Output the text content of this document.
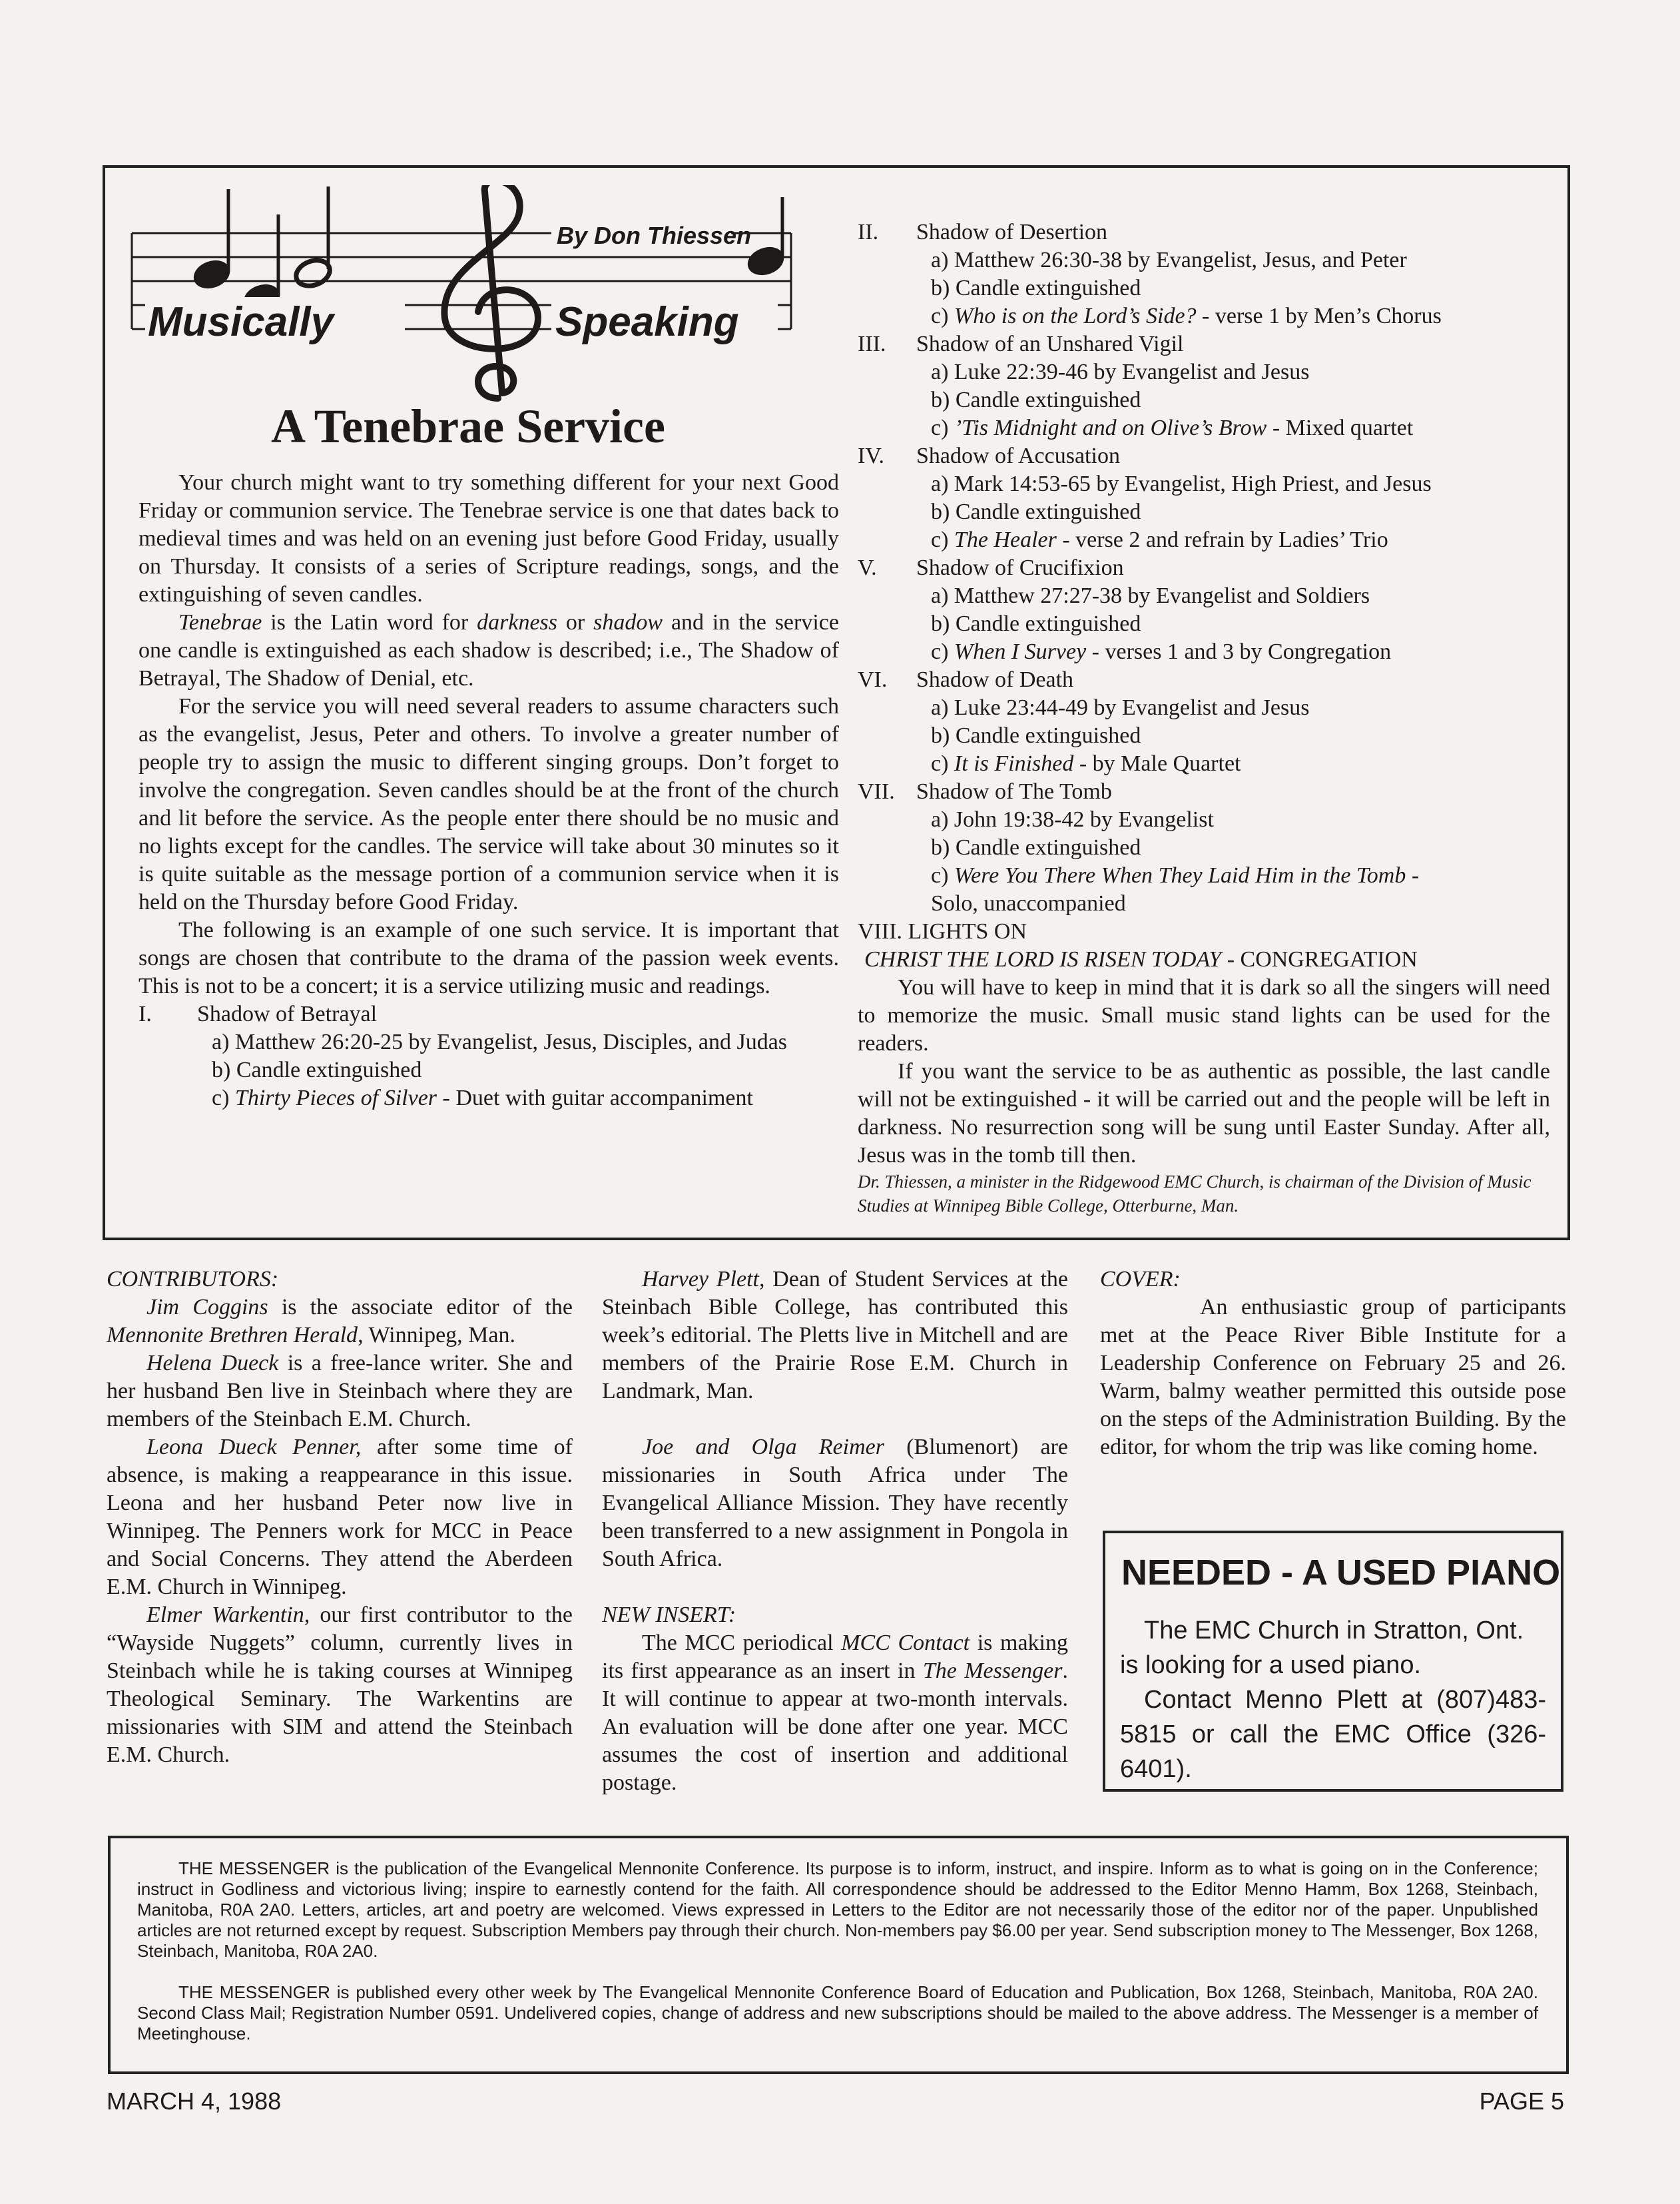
By Don Thiessen
Musically	Speaking
A Tenebrae Service

Your church might want to try something different for your next Good Friday or communion service. The Tenebrae service is one that dates back to medieval times and was held on an evening just before Good Friday, usually on Thursday. It consists of a series of Scripture readings, songs, and the extinguishing of seven candles.

Tenebrae is the Latin word for darkness or shadow and in the service one candle is extinguished as each shadow is described; i.e., The Shadow of Betrayal, The Shadow of Denial, etc.

For the service you will need several readers to assume characters such as the evangelist, Jesus, Peter and others. To involve a greater number of people try to assign the music to different singing groups. Don’t forget to involve the congregation. Seven candles should be at the front of the church and lit before the service. As the people enter there should be no music and no lights except for the candles. The service will take about 30 minutes so it is quite suitable as the message portion of a communion service when it is held on the Thursday before Good Friday.

The following is an example of one such service. It is important that songs are chosen that contribute to the drama of the passion week events. This is not to be a concert; it is a service utilizing music and readings.

I.	Shadow of Betrayal
a) Matthew 26:20-25 by Evangelist, Jesus, Disciples, and Judas
b) Candle extinguished
c) Thirty Pieces of Silver - Duet with guitar accompaniment
II.	Shadow of Desertion
a) Matthew 26:30-38 by Evangelist, Jesus, and Peter
b) Candle extinguished
c) Who is on the Lord’s Side? - verse 1 by Men’s Chorus
III.	Shadow of an Unshared Vigil
a) Luke 22:39-46 by Evangelist and Jesus
b) Candle extinguished
c) ’Tis Midnight and on Olive’s Brow - Mixed quartet
IV.	Shadow of Accusation
a) Mark 14:53-65 by Evangelist, High Priest, and Jesus
b) Candle extinguished
c) The Healer - verse 2 and refrain by Ladies’ Trio
V.	Shadow of Crucifixion
a) Matthew 27:27-38 by Evangelist and Soldiers
b) Candle extinguished
c) When I Survey - verses 1 and 3 by Congregation
VI.	Shadow of Death
a) Luke 23:44-49 by Evangelist and Jesus
b) Candle extinguished
c) It is Finished - by Male Quartet
VII. Shadow of The Tomb
a) John 19:38-42 by Evangelist
b) Candle extinguished
c) Were You There When They Laid Him in the Tomb -
Solo, unaccompanied
VIII. LIGHTS ON
CHRIST THE LORD IS RISEN TODAY - CONGREGATION

You will have to keep in mind that it is dark so all the singers will need to memorize the music. Small music stand lights can be used for the readers.

If you want the service to be as authentic as possible, the last candle will not be extinguished - it will be carried out and the people will be left in darkness. No resurrection song will be sung until Easter Sunday. After all, Jesus was in the tomb till then.

Dr. Thiessen, a minister in the Ridgewood EMC Church, is chairman of the Division of Music Studies at Winnipeg Bible College, Otterburne, Man.

CONTRIBUTORS:

Jim Coggins is the associate editor of the Mennonite Brethren Herald, Winnipeg, Man.

Helena Dueck is a free-lance writer. She and her husband Ben live in Steinbach where they are members of the Steinbach E.M. Church.

Leona Dueck Penner, after some time of absence, is making a reappearance in this issue. Leona and her husband Peter now live in Winnipeg. The Penners work for MCC in Peace and Social Concerns. They attend the Aberdeen E.M. Church in Winnipeg.

Elmer Warkentin, our first contributor to the “Wayside Nuggets” column, currently lives in Steinbach while he is taking courses at Winnipeg Theological Seminary. The Warkentins are missionaries with SIM and attend the Steinbach E.M. Church.

Harvey Plett, Dean of Student Services at the Steinbach Bible College, has contributed this week’s editorial. The Pletts live in Mitchell and are members of the Prairie Rose E.M. Church in Landmark, Man.

Joe and Olga Reimer (Blumenort) are missionaries in South Africa under The Evangelical Alliance Mission. They have recently been transferred to a new assignment in Pongola in South Africa.

NEW INSERT:

The MCC periodical MCC Contact is making its first appearance as an insert in The Messenger. It will continue to appear at two-month intervals. An evaluation will be done after one year. MCC assumes the cost of insertion and additional postage.

COVER:

An enthusiastic group of participants met at the Peace River Bible Institute for a Leadership Conference on February 25 and 26. Warm, balmy weather permitted this outside pose on the steps of the Administration Building. By the editor, for whom the trip was like coming home.

NEEDED - A USED PIANO
The EMC Church in Stratton, Ont. is looking for a used piano.
Contact Menno Plett at (807)483-5815 or call the EMC Office (326-6401).

THE MESSENGER is the publication of the Evangelical Mennonite Conference. Its purpose is to inform, instruct, and inspire. Inform as to what is going on in the Conference; instruct in Godliness and victorious living; inspire to earnestly contend for the faith. All correspondence should be addressed to the Editor Menno Hamm, Box 1268, Steinbach, Manitoba, R0A 2A0. Letters, articles, art and poetry are welcomed. Views expressed in Letters to the Editor are not necessarily those of the editor nor of the paper. Unpublished articles are not returned except by request. Subscription Members pay through their church. Non-members pay $6.00 per year. Send subscription money to The Messenger, Box 1268, Steinbach, Manitoba, R0A 2A0.

THE MESSENGER is published every other week by The Evangelical Mennonite Conference Board of Education and Publication, Box 1268, Steinbach, Manitoba, R0A 2A0. Second Class Mail; Registration Number 0591. Undelivered copies, change of address and new subscriptions should be mailed to the above address. The Messenger is a member of Meetinghouse.

MARCH 4, 1988	PAGE 5
